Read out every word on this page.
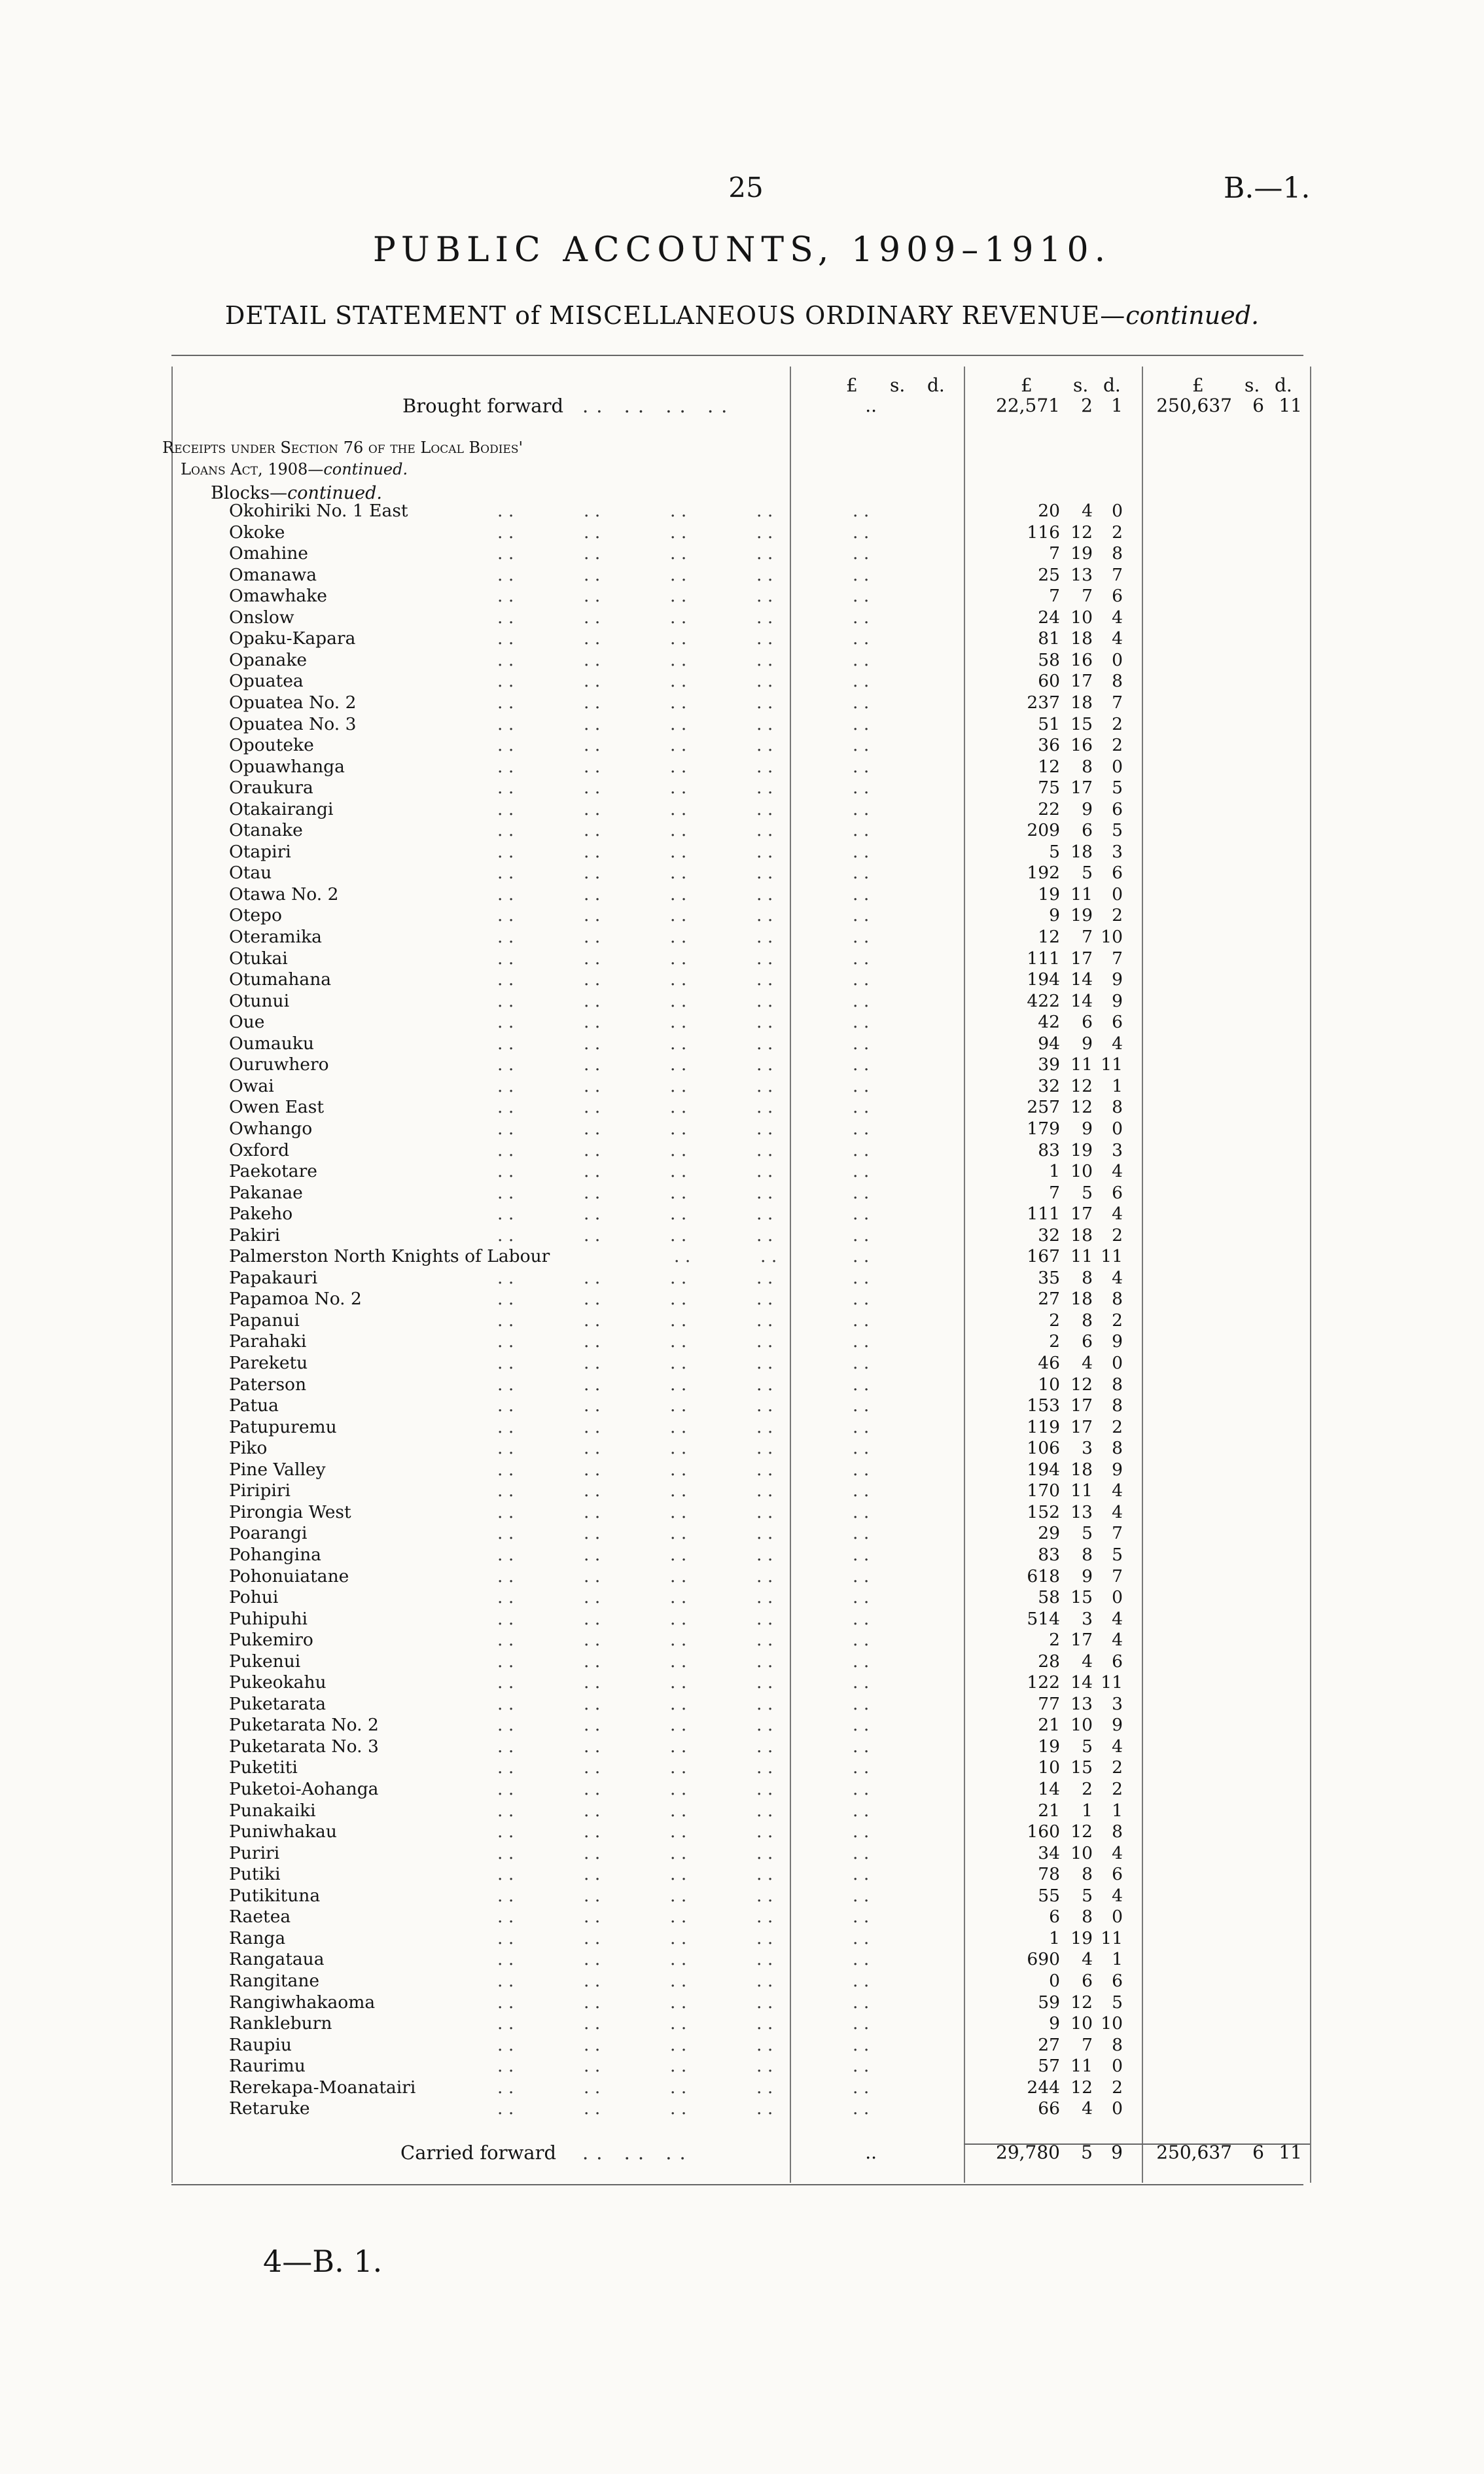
25	B.—1.
PUBLIC ACCOUNTS, 1909–1910.
DETAIL STATEMENT of MISCELLANEOUS ORDINARY REVENUE—continued.
£ s. d.	£ s. d.	£ s. d.
Brought forward .. .. .. ..	..	22,571	2	1	250,637	6 11
Receipts under Section 76 of the Local Bodies'
Loans Act, 1908—continued.
Blocks—continued.
Okohiriki No. 1 East	. .	. .	. .	. .	. .	20	4	0
Okoke	. .	. .	. .	. .	. .	116 12	2
Omahine	. .	. .	. .	. .	. .	7 19	8
Omanawa	. .	. .	. .	. .	. .	25 13	7
Omawhake	. .	. .	. .	. .	. .	7	7	6
Onslow	. .	. .	. .	. .	. .	24 10	4
Opaku-Kapara	. .	. .	. .	. .	. .	81 18	4
Opanake	. .	. .	. .	. .	. .	58 16	0
Opuatea	. .	. .	. .	. .	. .	60 17	8
Opuatea No. 2	. .	. .	. .	. .	. .	237 18	7
Opuatea No. 3	. .	. .	. .	. .	. .	51 15	2
Opouteke	. .	. .	. .	. .	. .	36 16	2
Opuawhanga	. .	. .	. .	. .	. .	12	8	0
Oraukura	. .	. .	. .	. .	. .	75 17	5
Otakairangi	. .	. .	. .	. .	. .	22	9	6
Otanake	. .	. .	. .	. .	. .	209	6	5
Otapiri	. .	. .	. .	. .	. .	5 18	3
Otau	. .	. .	. .	. .	. .	192	5	6
Otawa No. 2	. .	. .	. .	. .	. .	19 11	0
Otepo	. .	. .	. .	. .	. .	9 19	2
Oteramika	. .	. .	. .	. .	. .	12	7 10
Otukai	. .	. .	. .	. .	. .	111 17	7
Otumahana	. .	. .	. .	. .	. .	194 14	9
Otunui	. .	. .	. .	. .	. .	422 14	9
Oue	. .	. .	. .	. .	. .	42	6	6
Oumauku	. .	. .	. .	. .	. .	94	9	4
Ouruwhero	. .	. .	. .	. .	. .	39 11 11
Owai	. .	. .	. .	. .	. .	32 12	1
Owen East	. .	. .	. .	. .	. .	257 12	8
Owhango	. .	. .	. .	. .	. .	179	9	0
Oxford	. .	. .	. .	. .	. .	83 19	3
Paekotare	. .	. .	. .	. .	. .	1 10	4
Pakanae	. .	. .	. .	. .	. .	7	5	6
Pakeho	. .	. .	. .	. .	. .	111 17	4
Pakiri	. .	. .	. .	. .	. .	32 18	2
Palmerston North Knights of Labour	. .	. .	. .	167 11 11
Papakauri	. .	. .	. .	. .	. .	35	8	4
Papamoa No. 2	. .	. .	. .	. .	. .	27 18	8
Papanui	. .	. .	. .	. .	. .	2	8	2
Parahaki	. .	. .	. .	. .	. .	2	6	9
Pareketu	. .	. .	. .	. .	. .	46	4	0
Paterson	. .	. .	. .	. .	. .	10 12	8
Patua	. .	. .	. .	. .	. .	153 17	8
Patupuremu	. .	. .	. .	. .	. .	119 17	2
Piko	. .	. .	. .	. .	. .	106	3	8
Pine Valley	. .	. .	. .	. .	. .	194 18	9
Piripiri	. .	. .	. .	. .	. .	170 11	4
Pirongia West	. .	. .	. .	. .	. .	152 13	4
Poarangi	. .	. .	. .	. .	. .	29	5	7
Pohangina	. .	. .	. .	. .	. .	83	8	5
Pohonuiatane	. .	. .	. .	. .	. .	618	9	7
Pohui	. .	. .	. .	. .	. .	58 15	0
Puhipuhi	. .	. .	. .	. .	. .	514	3	4
Pukemiro	. .	. .	. .	. .	. .	2 17	4
Pukenui	. .	. .	. .	. .	. .	28	4	6
Pukeokahu	. .	. .	. .	. .	. .	122 14 11
Puketarata	. .	. .	. .	. .	. .	77 13	3
Puketarata No. 2	. .	. .	. .	. .	. .	21 10	9
Puketarata No. 3	. .	. .	. .	. .	. .	19	5	4
Puketiti	. .	. .	. .	. .	. .	10 15	2
Puketoi-Aohanga	. .	. .	. .	. .	. .	14	2	2
Punakaiki	. .	. .	. .	. .	. .	21	1	1
Puniwhakau	. .	. .	. .	. .	. .	160 12	8
Puriri	. .	. .	. .	. .	. .	34 10	4
Putiki	. .	. .	. .	. .	. .	78	8	6
Putikituna	. .	. .	. .	. .	. .	55	5	4
Raetea	. .	. .	. .	. .	. .	6	8	0
Ranga	. .	. .	. .	. .	. .	1 19 11
Rangataua	. .	. .	. .	. .	. .	690	4	1
Rangitane	. .	. .	. .	. .	. .	0	6	6
Rangiwhakaoma	. .	. .	. .	. .	. .	59 12	5
Rankleburn	. .	. .	. .	. .	. .	9 10 10
Raupiu	. .	. .	. .	. .	. .	27	7	8
Raurimu	. .	. .	. .	. .	. .	57 11	0
Rerekapa-Moanatairi	. .	. .	. .	. .	. .	244 12	2
Retaruke	. .	. .	. .	. .	. .	66	4	0
Carried forward .. .. ..	..	29,780	5	9	250,637	6 11
4—B. 1.
